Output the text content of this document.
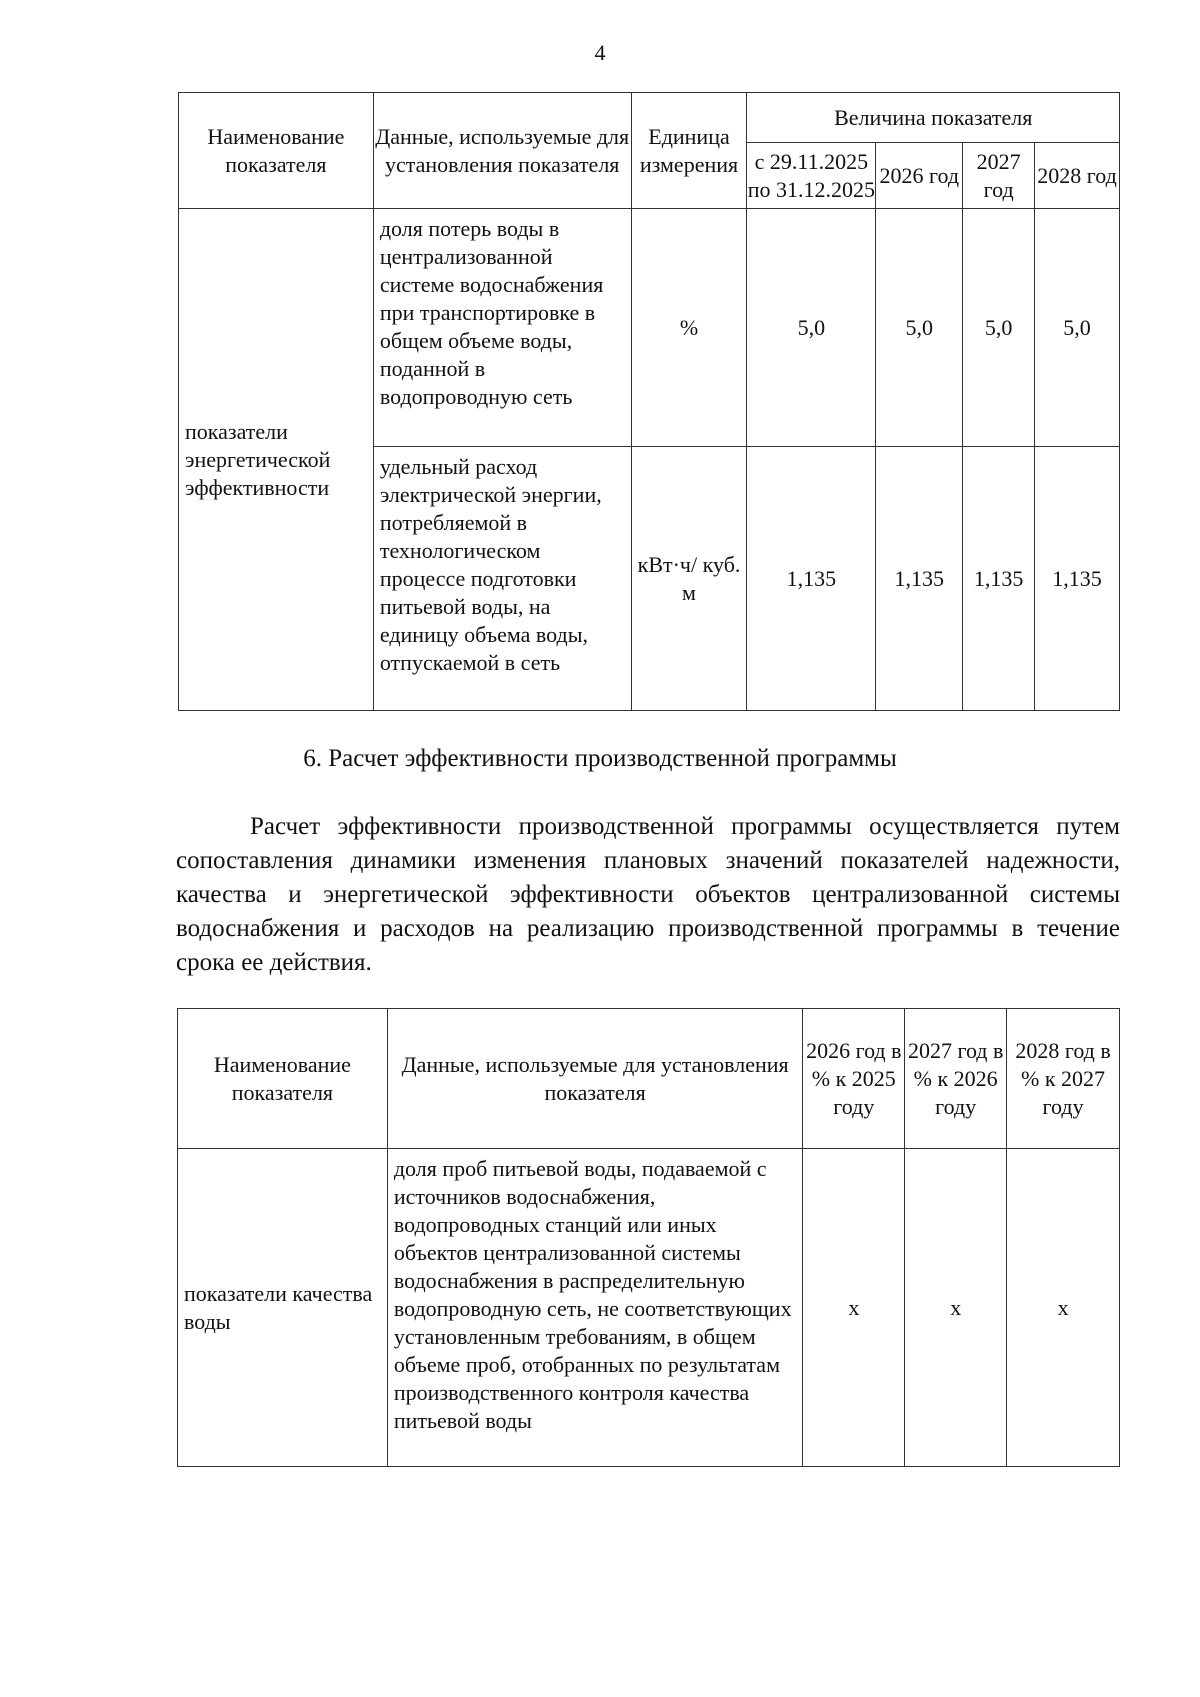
4
Наименование показателя	Данные, используемые для установления показателя	Единица измерения	Величина показателя			
			с 29.11.2025 по 31.12.2025	2026 год	2027 год	2028 год
показатели энергетической эффективности	доля потерь воды в централизованной системе водоснабжения при транспортировке в общем объеме воды, поданной в водопроводную сеть	%	5,0	5,0	5,0	5,0
	удельный расход электрической энергии, потребляемой в технологическом процессе подготовки питьевой воды, на единицу объема воды, отпускаемой в сеть	кВт·ч/ куб. м	1,135	1,135	1,135	1,135
6. Расчет эффективности производственной программы
Расчет эффективности производственной программы осуществляется путем сопоставления динамики изменения плановых значений показателей надежности, качества и энергетической эффективности объектов централизованной системы водоснабжения и расходов на реализацию производственной программы в течение срока ее действия.
Наименование показателя	Данные, используемые для установления показателя	2026 год в % к 2025 году	2027 год в % к 2026 году	2028 год в % к 2027 году
показатели качества воды	доля проб питьевой воды, подаваемой с источников водоснабжения, водопроводных станций или иных объектов централизованной системы водоснабжения в распределительную водопроводную сеть, не соответствующих установленным требованиям, в общем объеме проб, отобранных по результатам производственного контроля качества питьевой воды	х	х	х
